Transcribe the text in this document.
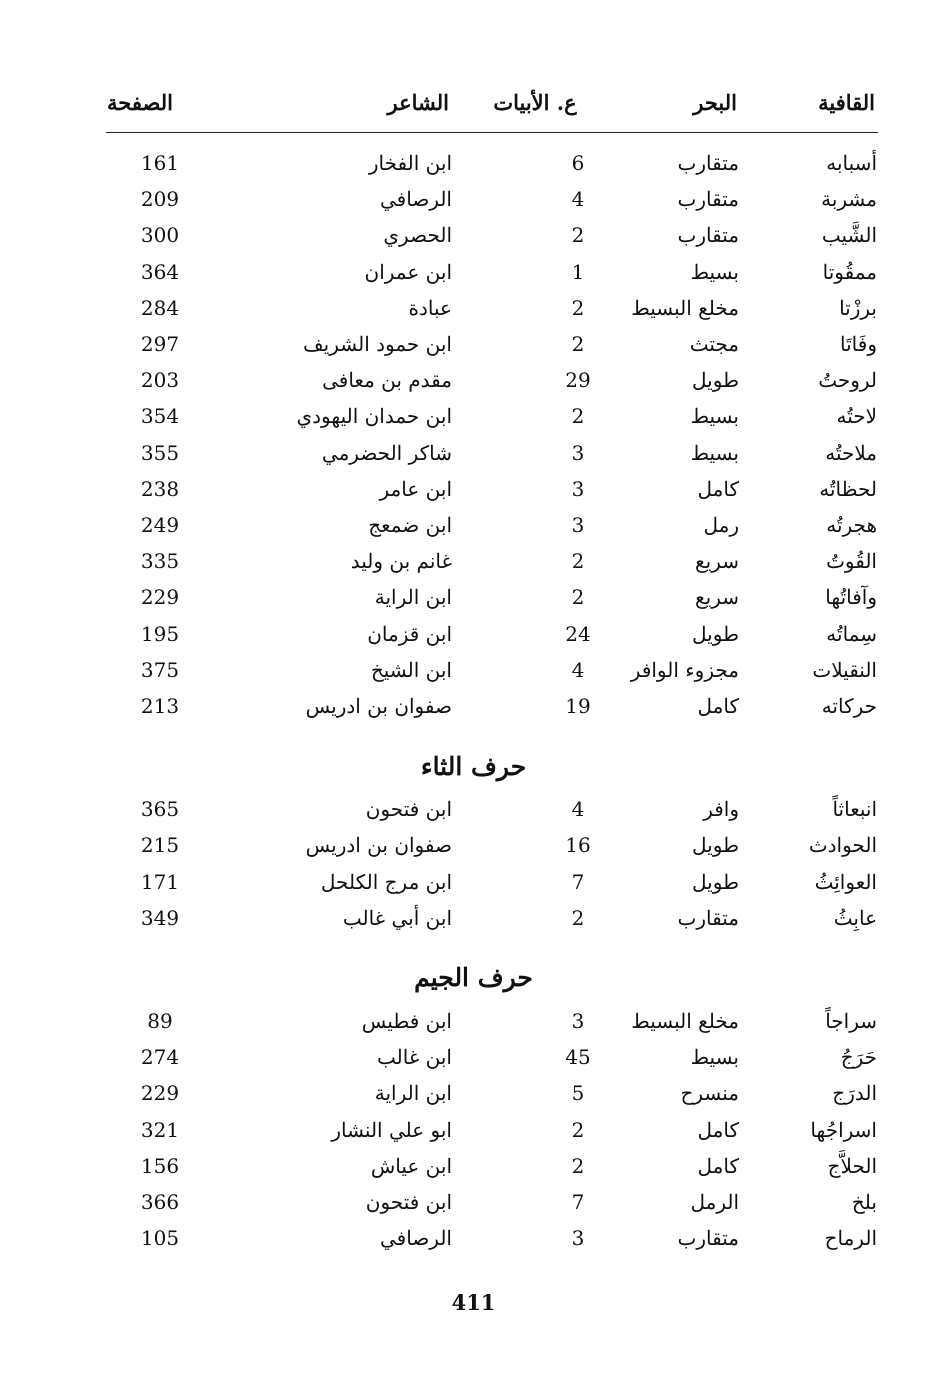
القافية
البحر
ع. الأبيات
الشاعر
الصفحة
أسبابه
متقارب
6
ابن الفخار
161
مشربة
متقارب
4
الرصافي
209
الشَّيب
متقارب
2
الحصري
300
ممقُوتا
بسيط
1
ابن عمران
364
برزْتا
مخلع البسيط
2
عبادة
284
وفَاتَا
مجتث
2
ابن حمود الشريف
297
لروحتُ
طويل
29
مقدم بن معافى
203
لاحتُه
بسيط
2
ابن حمدان اليهودي
354
ملاحتُه
بسيط
3
شاكر الحضرمي
355
لحظاتُه
كامل
3
ابن عامر
238
هجرتُه
رمل
3
ابن ضمعج
249
القُوتُ
سريع
2
غانم بن وليد
335
وآفاتُها
سريع
2
ابن الراية
229
سِماتُه
طويل
24
ابن قزمان
195
النقيلات
مجزوء الوافر
4
ابن الشيخ
375
حركاته
كامل
19
صفوان بن ادريس
213
حرف الثاء
انبعاثاً
وافر
4
ابن فتحون
365
الحوادث
طويل
16
صفوان بن ادريس
215
العوائِثُ
طويل
7
ابن مرج الكلحل
171
عابِثُ
متقارب
2
ابن أبي غالب
349
حرف الجيم
سراجاً
مخلع البسيط
3
ابن فطيس
89
حَرَجُ
بسيط
45
ابن غالب
274
الدرَج
منسرح
5
ابن الراية
229
اسراجُها
كامل
2
ابو علي النشار
321
الحلاَّج
كامل
2
ابن عياش
156
بلخ
الرمل
7
ابن فتحون
366
الرماح
متقارب
3
الرصافي
105
411
